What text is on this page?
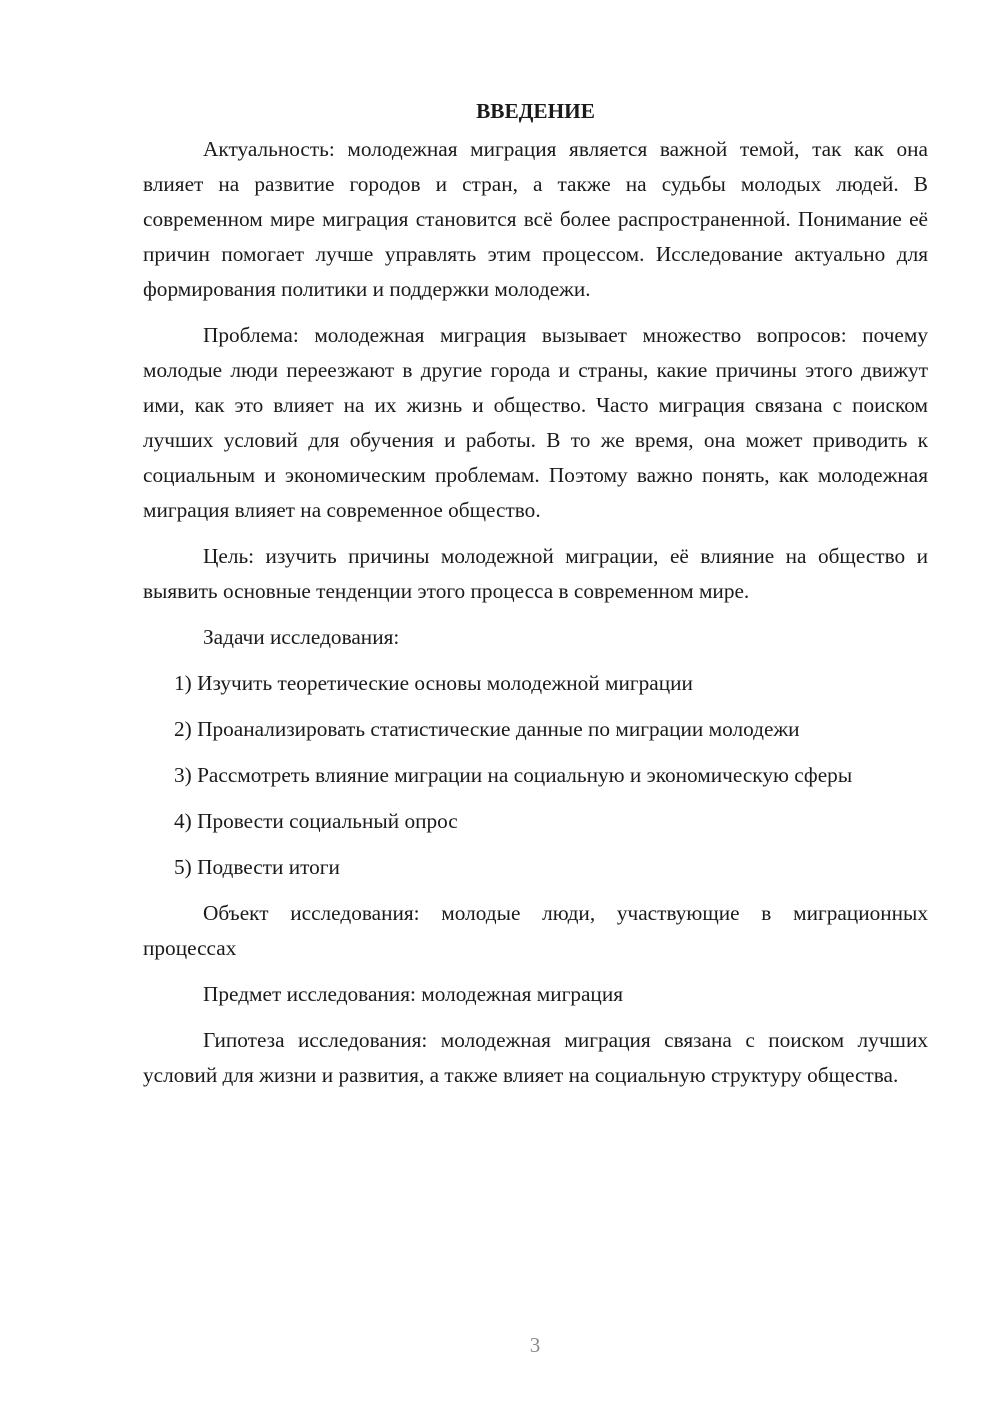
ВВЕДЕНИЕ

Актуальность: молодежная миграция является важной темой, так как она влияет на развитие городов и стран, а также на судьбы молодых людей. В современном мире миграция становится всё более распространенной. Понимание её причин помогает лучше управлять этим процессом. Исследование актуально для формирования политики и поддержки молодежи.

Проблема: молодежная миграция вызывает множество вопросов: почему молодые люди переезжают в другие города и страны, какие причины этого движут ими, как это влияет на их жизнь и общество. Часто миграция связана с поиском лучших условий для обучения и работы. В то же время, она может приводить к социальным и экономическим проблемам. Поэтому важно понять, как молодежная миграция влияет на современное общество.

Цель: изучить причины молодежной миграции, её влияние на общество и выявить основные тенденции этого процесса в современном мире.

Задачи исследования:

1) Изучить теоретические основы молодежной миграции

2) Проанализировать статистические данные по миграции молодежи

3) Рассмотреть влияние миграции на социальную и экономическую сферы

4) Провести социальный опрос

5) Подвести итоги

Объект исследования: молодые люди, участвующие в миграционных процессах

Предмет исследования: молодежная миграция

Гипотеза исследования: молодежная миграция связана с поиском лучших условий для жизни и развития, а также влияет на социальную структуру общества.

3
